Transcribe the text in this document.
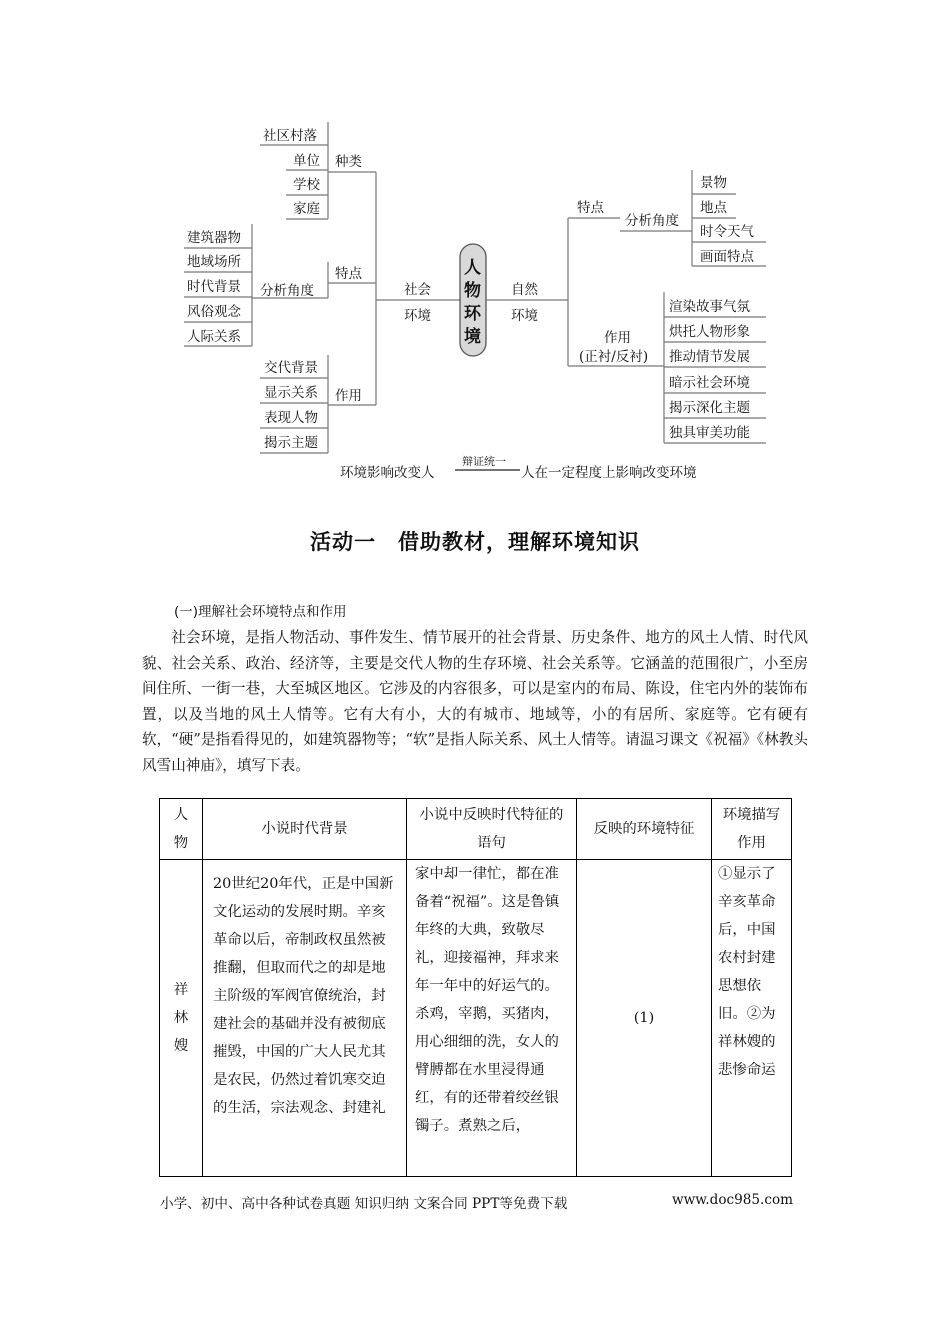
社区村落
单位
学校
家庭
种类
建筑器物
地域场所
时代背景
风俗观念
人际关系
分析角度
特点
交代背景
显示关系
表现人物
揭示主题
作用
社会
环境
人
物
环
境
自然
环境
特点
分析角度
景物
地点
时令天气
画面特点
作用
(正衬/反衬)
渲染故事气氛
烘托人物形象
推动情节发展
暗示社会环境
揭示深化主题
独具审美功能
环境影响改变人
辩证统一
人在一定程度上影响改变环境
活动一　借助教材，理解环境知识
(一)理解社会环境特点和作用
社会环境，是指人物活动、事件发生、情节展开的社会背景、历史条件、地方的风土人情、时代风貌、社会关系、政治、经济等，主要是交代人物的生存环境、社会关系等。它涵盖的范围很广，小至房间住所、一街一巷，大至城区地区。它涉及的内容很多，可以是室内的布局、陈设，住宅内外的装饰布置，以及当地的风土人情等。它有大有小，大的有城市、地域等，小的有居所、家庭等。它有硬有软，“硬”是指看得见的，如建筑器物等；“软”是指人际关系、风土人情等。请温习课文《祝福》《林教头风雪山神庙》，填写下表。
人物	小说时代背景	小说中反映时代特征的语句	反映的环境特征	环境描写作用
祥林嫂	20世纪20年代，正是中国新文化运动的发展时期。辛亥革命以后，帝制政权虽然被推翻，但取而代之的却是地主阶级的军阀官僚统治，封建社会的基础并没有被彻底摧毁，中国的广大人民尤其是农民，仍然过着饥寒交迫的生活，宗法观念、封建礼	家中却一律忙，都在准备着“祝福”。这是鲁镇年终的大典，致敬尽礼，迎接福神，拜求来年一年中的好运气的。杀鸡，宰鹅，买猪肉，用心细细的洗，女人的臂膊都在水里浸得通红，有的还带着绞丝银镯子。煮熟之后，	(1)	①显示了辛亥革命后，中国农村封建思想依旧。②为祥林嫂的悲惨命运
小学、初中、高中各种试卷真题 知识归纳 文案合同 PPT等免费下载	www.doc985.com
